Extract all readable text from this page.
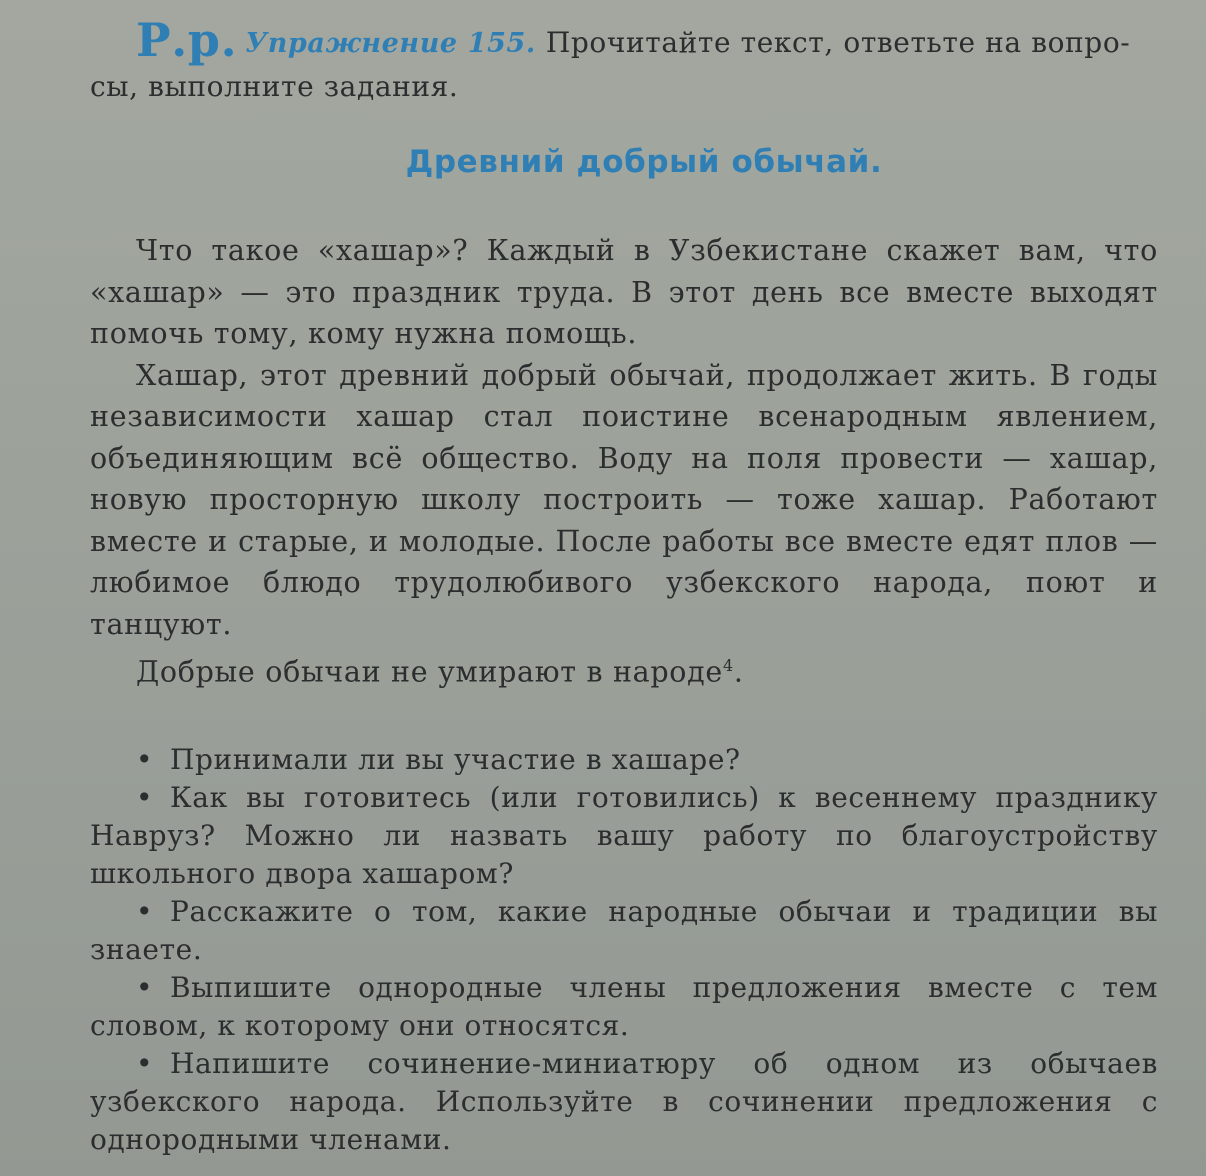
Р.р. Упражнение 155. Прочитайте текст, ответьте на вопро-
сы, выполните задания.
Древний добрый обычай.

Что такое «хашар»? Каждый в Узбекистане скажет вам, что «хашар» — это праздник труда. В этот день все вместе выходят помочь тому, кому нужна помощь.

Хашар, этот древний добрый обычай, продолжает жить. В годы независимости хашар стал поистине всенародным явлением, объединяющим всё общество. Воду на поля провести — хашар, новую просторную школу построить — тоже хашар. Работают вместе и старые, и молодые. После работы все вместе едят плов — любимое блюдо трудолюбивого узбекского народа, поют и танцуют.

Добрые обычаи не умирают в народе$^4$.

• Принимали ли вы участие в хашаре?

• Как вы готовитесь (или готовились) к весеннему празднику Навруз? Можно ли назвать вашу работу по благоустройству школьного двора хашаром?

• Расскажите о том, какие народные обычаи и традиции вы знаете.

• Выпишите однородные члены предложения вместе с тем словом, к которому они относятся.

• Напишите сочинение-миниатюру об одном из обычаев узбекского народа. Используйте в сочинении предложения с однородными членами.
